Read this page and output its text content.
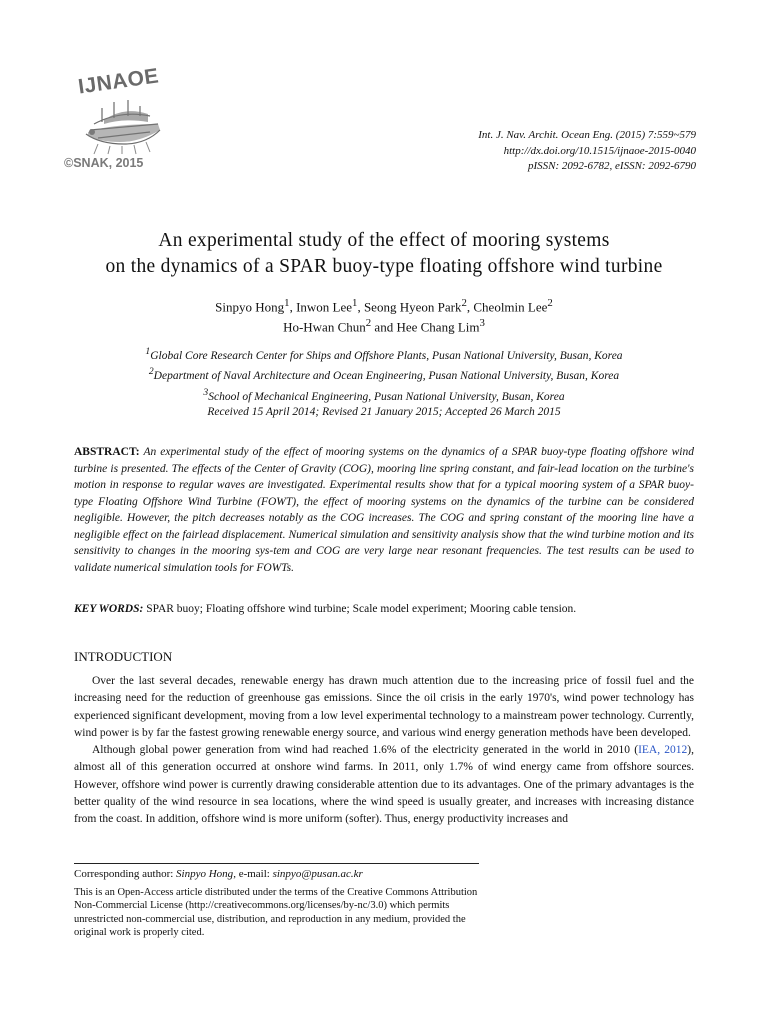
IJNAOE
©SNAK, 2015
Int. J. Nav. Archit. Ocean Eng. (2015) 7:559~579
http://dx.doi.org/10.1515/ijnaoe-2015-0040
pISSN: 2092-6782, eISSN: 2092-6790
An experimental study of the effect of mooring systems
on the dynamics of a SPAR buoy-type floating offshore wind turbine
Sinpyo Hong$^1$, Inwon Lee$^1$, Seong Hyeon Park$^2$, Cheolmin Lee$^2$
Ho-Hwan Chun$^2$ and Hee Chang Lim$^3$
$^1$Global Core Research Center for Ships and Offshore Plants, Pusan National University, Busan, Korea
$^2$Department of Naval Architecture and Ocean Engineering, Pusan National University, Busan, Korea
$^3$School of Mechanical Engineering, Pusan National University, Busan, Korea
Received 15 April 2014; Revised 21 January 2015; Accepted 26 March 2015
ABSTRACT: An experimental study of the effect of mooring systems on the dynamics of a SPAR buoy-type floating offshore wind turbine is presented. The effects of the Center of Gravity (COG), mooring line spring constant, and fair-lead location on the turbine's motion in response to regular waves are investigated. Experimental results show that for a typical mooring system of a SPAR buoy-type Floating Offshore Wind Turbine (FOWT), the effect of mooring systems on the dynamics of the turbine can be considered negligible. However, the pitch decreases notably as the COG increases. The COG and spring constant of the mooring line have a negligible effect on the fairlead displacement. Numerical simulation and sensitivity analysis show that the wind turbine motion and its sensitivity to changes in the mooring sys-tem and COG are very large near resonant frequencies. The test results can be used to validate numerical simulation tools for FOWTs.
KEY WORDS: SPAR buoy; Floating offshore wind turbine; Scale model experiment; Mooring cable tension.
INTRODUCTION

Over the last several decades, renewable energy has drawn much attention due to the increasing price of fossil fuel and the increasing need for the reduction of greenhouse gas emissions. Since the oil crisis in the early 1970's, wind power technology has experienced significant development, moving from a low level experimental technology to a mainstream power technology. Currently, wind power is by far the fastest growing renewable energy source, and various wind energy generation methods have been developed.

Although global power generation from wind had reached 1.6% of the electricity generated in the world in 2010 (IEA, 2012), almost all of this generation occurred at onshore wind farms. In 2011, only 1.7% of wind energy came from offshore sources. However, offshore wind power is currently drawing considerable attention due to its advantages. One of the primary advantages is the better quality of the wind resource in sea locations, where the wind speed is usually greater, and increases with increasing distance from the coast. In addition, offshore wind is more uniform (softer). Thus, energy productivity increases and

Corresponding author: Sinpyo Hong, e-mail: sinpyo@pusan.ac.kr
This is an Open-Access article distributed under the terms of the Creative Commons Attribution Non-Commercial License (http://creativecommons.org/licenses/by-nc/3.0) which permits unrestricted non-commercial use, distribution, and reproduction in any medium, provided the original work is properly cited.
